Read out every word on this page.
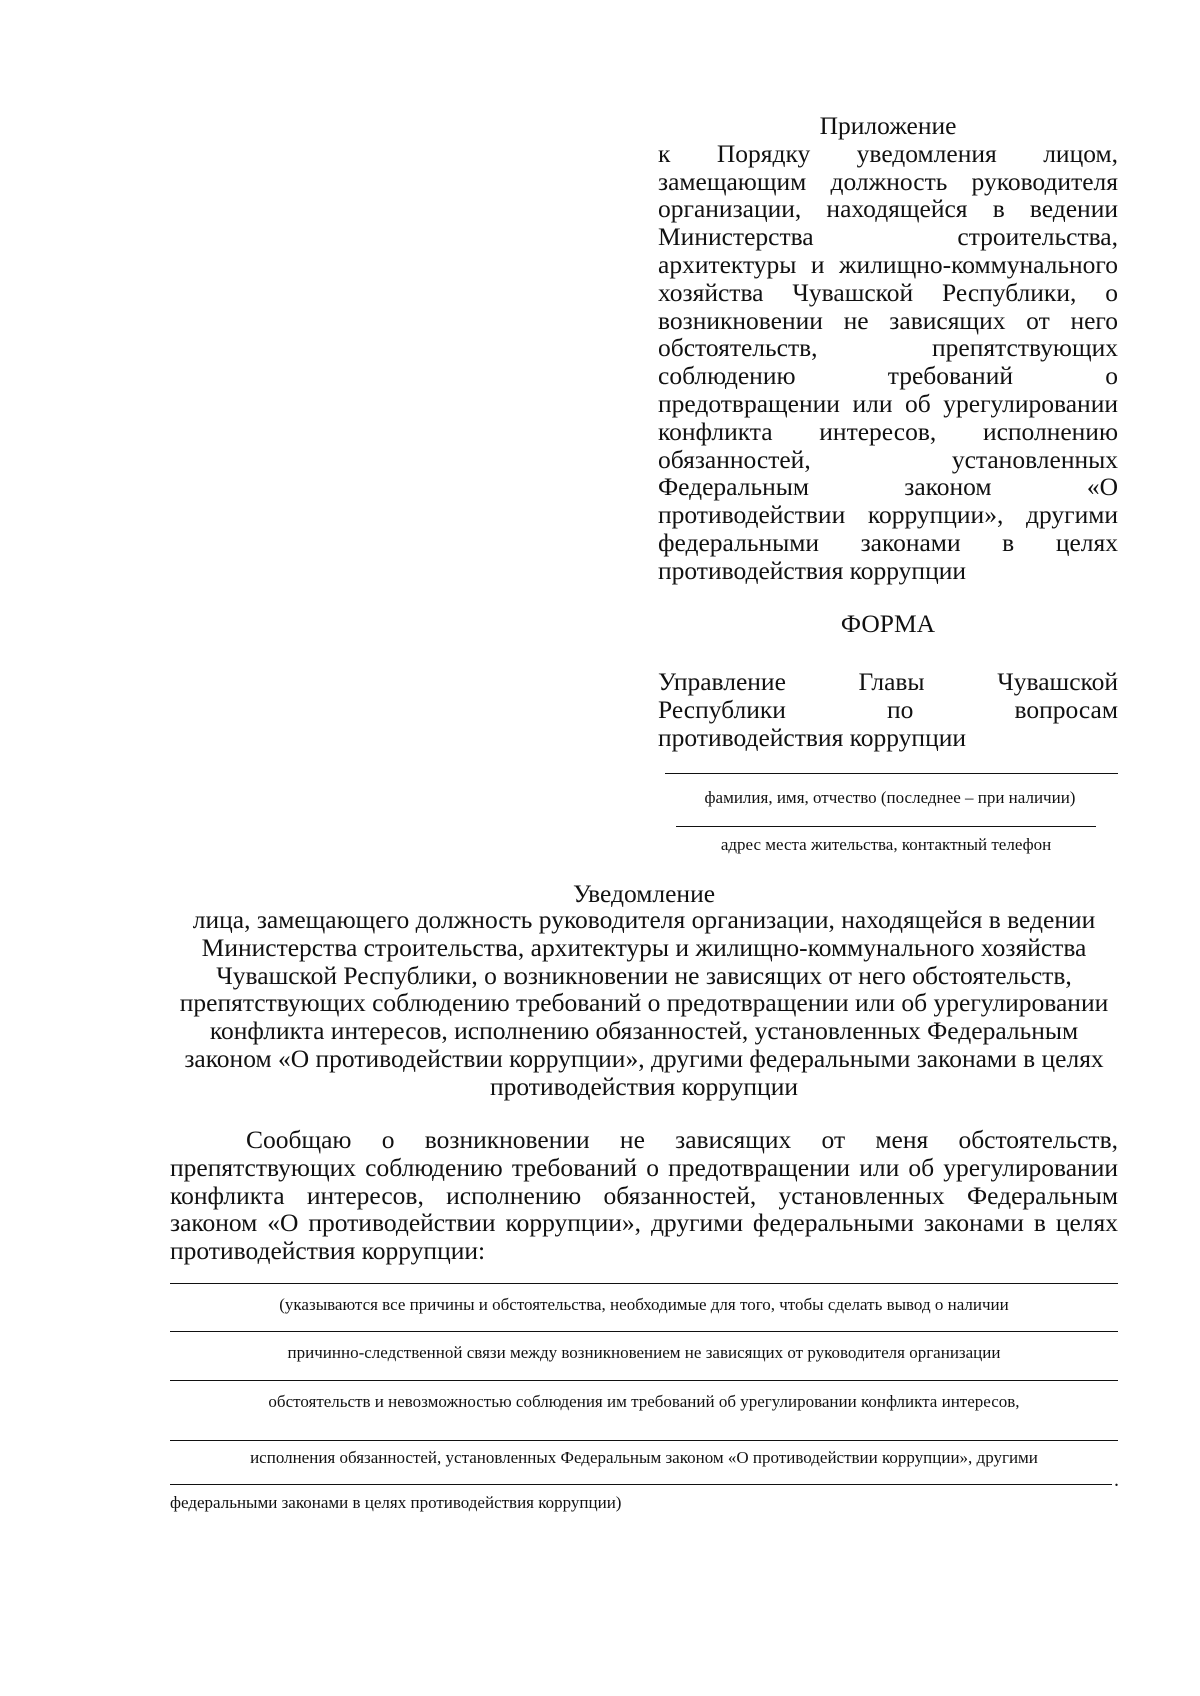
Приложение

к Порядку уведомления лицом, замещающим должность руководителя организации, находящейся в ведении Министерства строительства, архитектуры и жилищно-коммунального хозяйства Чувашской Республики, о возникновении не зависящих от него обстоятельств, препятствующих соблюдению требований о предотвращении или об урегулировании конфликта интересов, исполнению обязанностей, установленных Федеральным законом «О противодействии коррупции», другими федеральными законами в целях противодействия коррупции

ФОРМА

Управление Главы Чувашской Республики по вопросам противодействия коррупции

фамилия, имя, отчество (последнее – при наличии)

адрес места жительства, контактный телефон

Уведомление

лица, замещающего должность руководителя организации, находящейся в ведении Министерства строительства, архитектуры и жилищно-коммунального хозяйства Чувашской Республики, о возникновении не зависящих от него обстоятельств, препятствующих соблюдению требований о предотвращении или об урегулировании конфликта интересов, исполнению обязанностей, установленных Федеральным законом «О противодействии коррупции», другими федеральными законами в целях противодействия коррупции

Сообщаю о возникновении не зависящих от меня обстоятельств, препятствующих соблюдению требований о предотвращении или об урегулировании конфликта интересов, исполнению обязанностей, установленных Федеральным законом «О противодействии коррупции», другими федеральными законами в целях противодействия коррупции:

(указываются все причины и обстоятельства, необходимые для того, чтобы сделать вывод о наличии

причинно-следственной связи между возникновением не зависящих от руководителя организации

обстоятельств и невозможностью соблюдения им требований об урегулировании конфликта интересов,

исполнения обязанностей, установленных Федеральным законом «О противодействии коррупции», другими

.

федеральными законами в целях противодействия коррупции)
